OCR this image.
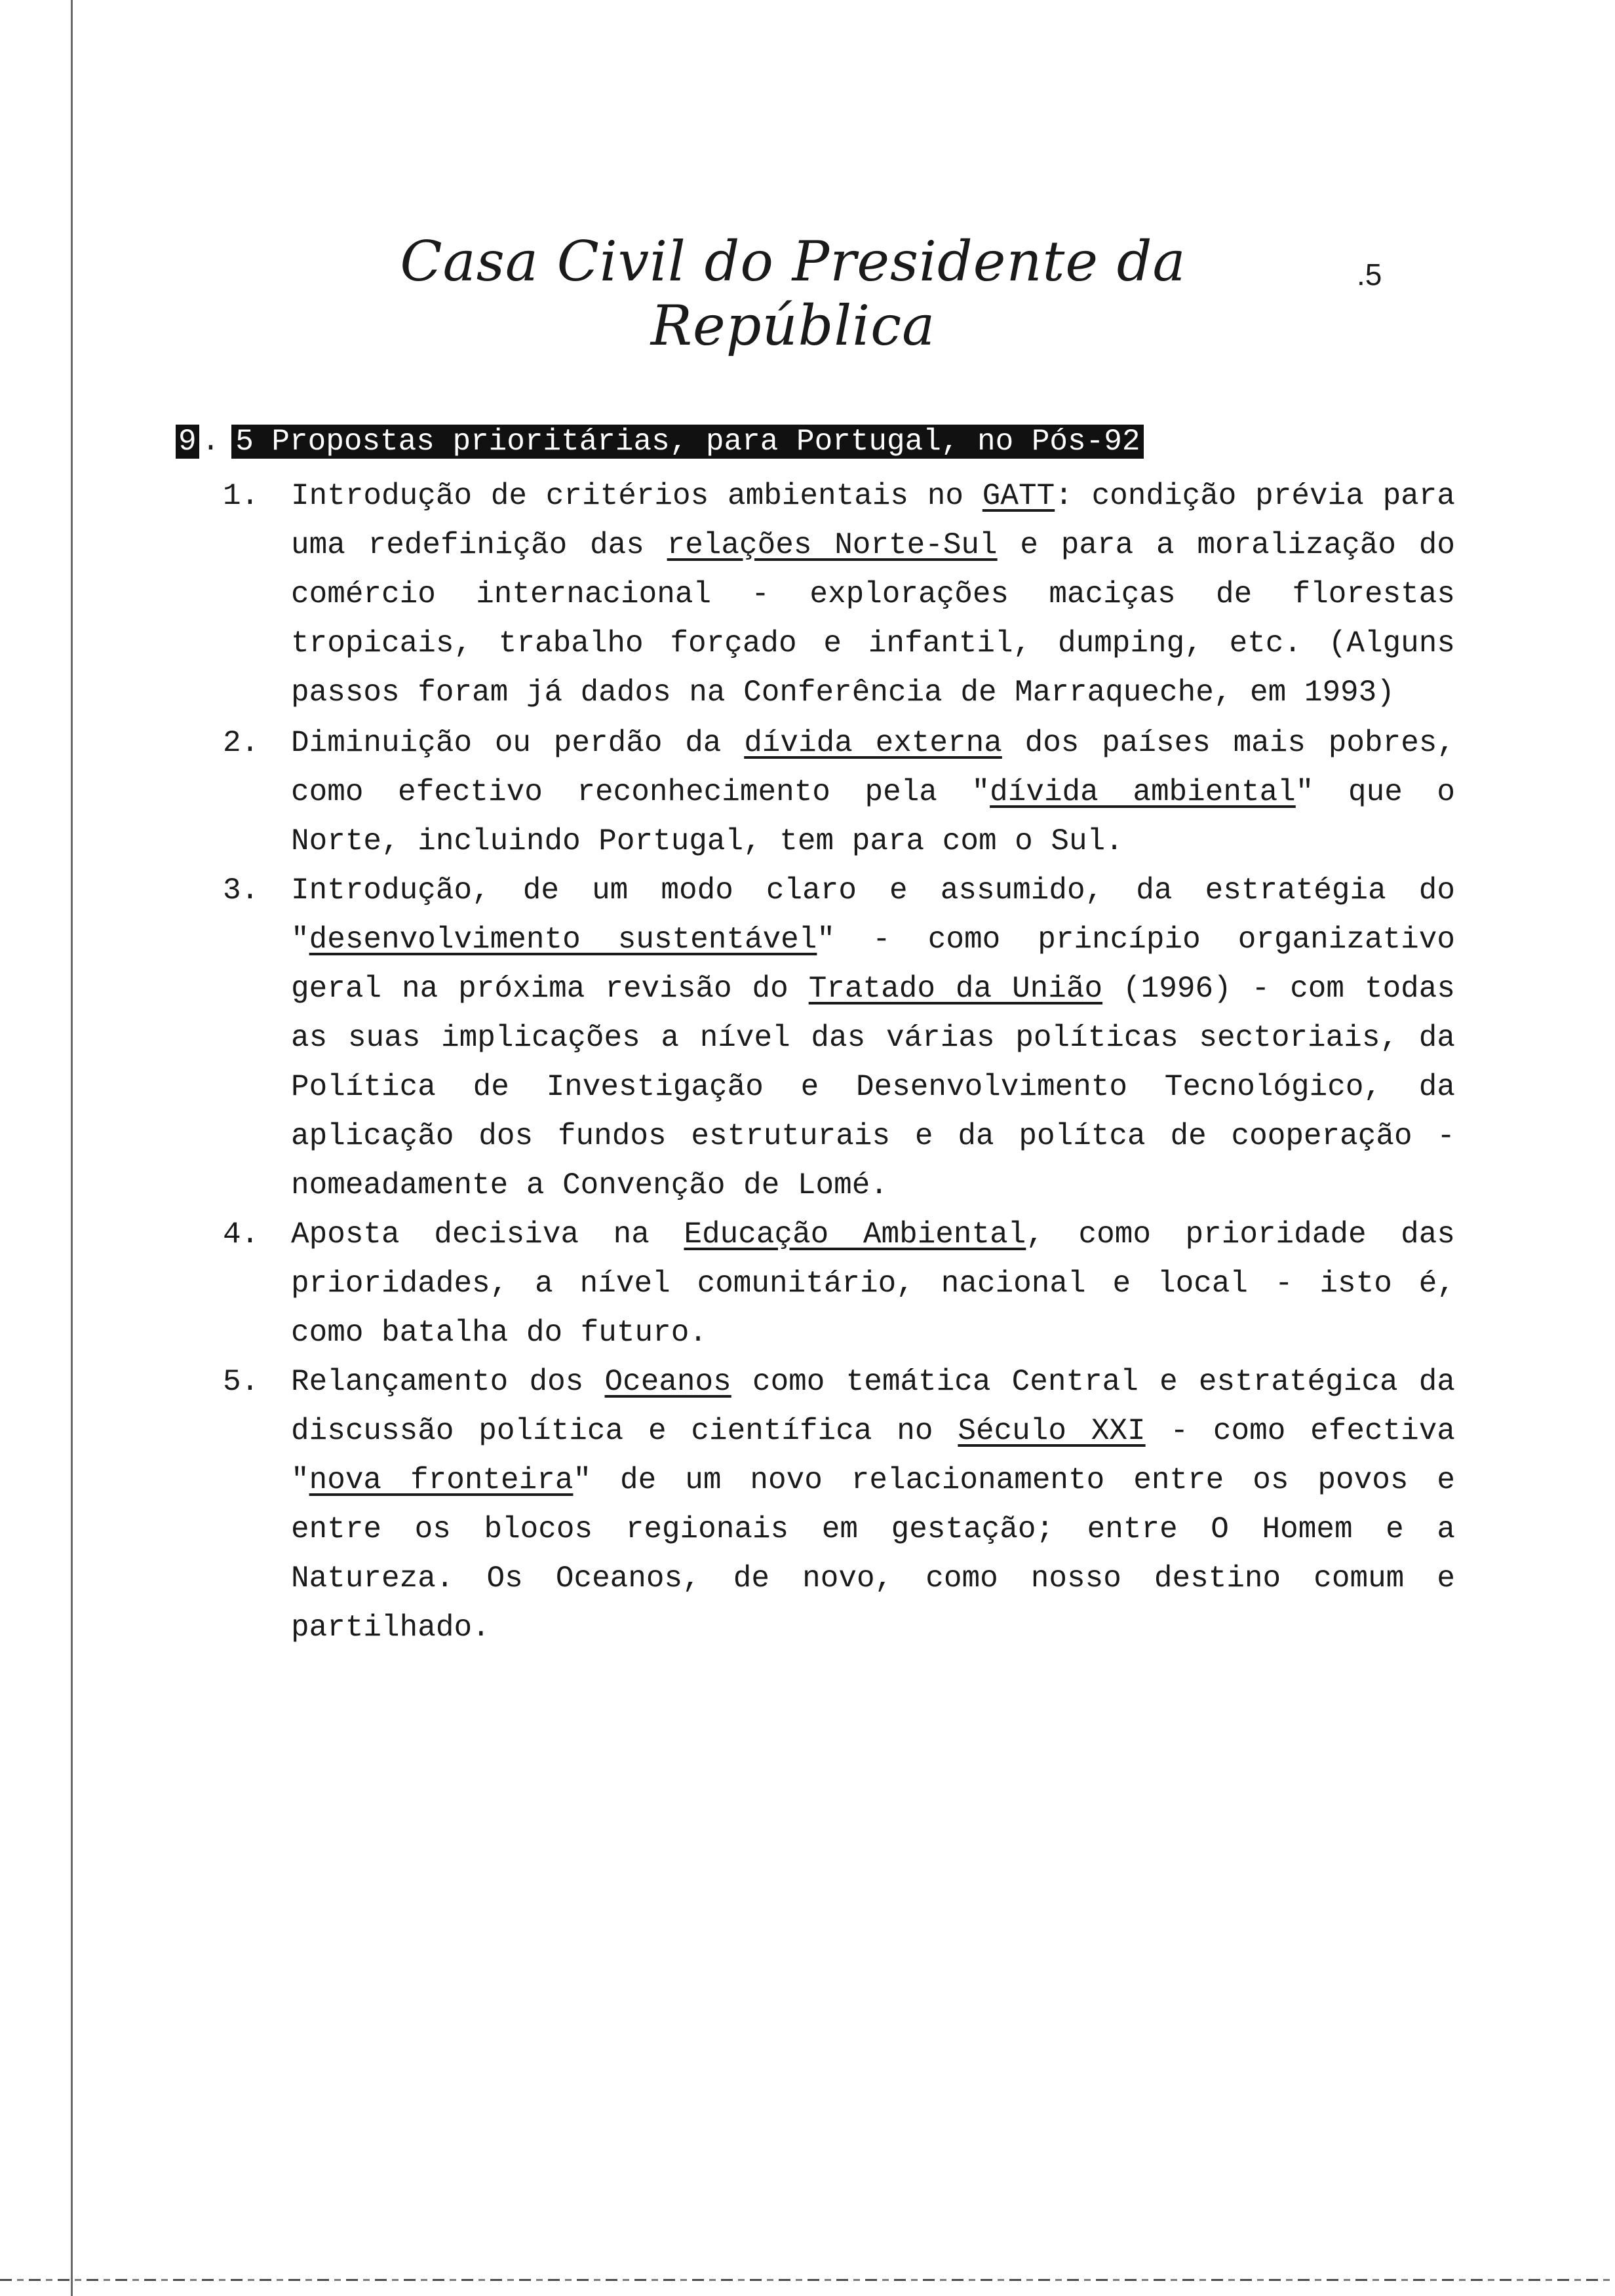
Casa Civil do Presidente da República
.5
9 . 5 Propostas prioritárias, para Portugal, no Pós-92
1.	Introdução de critérios ambientais no GATT: condição prévia para uma redefinição das relações Norte-Sul e para a moralização do comércio internacional - explorações maciças de florestas tropicais, trabalho forçado e infantil, dumping, etc. (Alguns passos foram já dados na Conferência de Marraqueche, em 1993)
2.	Diminuição ou perdão da dívida externa dos países mais pobres, como efectivo reconhecimento pela "dívida ambiental" que o Norte, incluindo Portugal, tem para com o Sul.
3.	Introdução, de um modo claro e assumido, da estratégia do "desenvolvimento sustentável" - como princípio organizativo geral na próxima revisão do Tratado da União (1996) - com todas as suas implicações a nível das várias políticas sectoriais, da Política de Investigação e Desenvolvimento Tecnológico, da aplicação dos fundos estruturais e da polítca de cooperação - nomeadamente a Convenção de Lomé.
4.	Aposta decisiva na Educação Ambiental, como prioridade das prioridades, a nível comunitário, nacional e local - isto é, como batalha do futuro.
5.	Relançamento dos Oceanos como temática Central e estratégica da discussão política e científica no Século XXI - como efectiva "nova fronteira" de um novo relacionamento entre os povos e entre os blocos regionais em gestação; entre O Homem e a Natureza. Os Oceanos, de novo, como nosso destino comum e partilhado.
